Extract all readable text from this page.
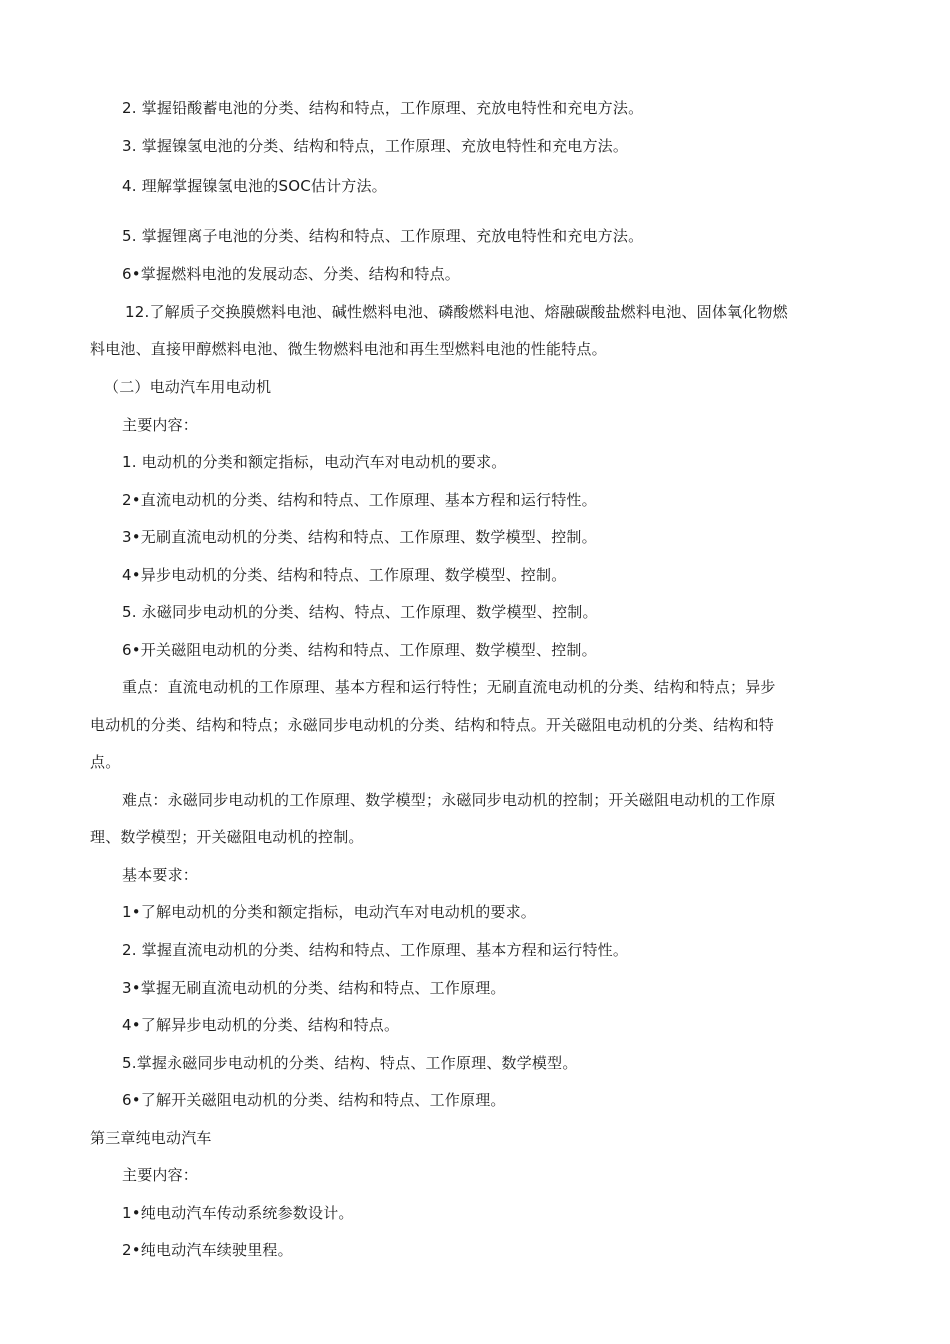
2. 掌握铅酸蓄电池的分类、结构和特点，工作原理、充放电特性和充电方法。
3. 掌握镍氢电池的分类、结构和特点，工作原理、充放电特性和充电方法。
4. 理解掌握镍氢电池的SOC估计方法。
5. 掌握锂离子电池的分类、结构和特点、工作原理、充放电特性和充电方法。
6•掌握燃料电池的发展动态、分类、结构和特点。
12.了解质子交换膜燃料电池、碱性燃料电池、磷酸燃料电池、熔融碳酸盐燃料电池、固体氧化物燃
料电池、直接甲醇燃料电池、微生物燃料电池和再生型燃料电池的性能特点。
（二）电动汽车用电动机
主要内容：
1. 电动机的分类和额定指标，电动汽车对电动机的要求。
2•直流电动机的分类、结构和特点、工作原理、基本方程和运行特性。
3•无刷直流电动机的分类、结构和特点、工作原理、数学模型、控制。
4•异步电动机的分类、结构和特点、工作原理、数学模型、控制。
5. 永磁同步电动机的分类、结构、特点、工作原理、数学模型、控制。
6•开关磁阻电动机的分类、结构和特点、工作原理、数学模型、控制。
重点：直流电动机的工作原理、基本方程和运行特性；无刷直流电动机的分类、结构和特点；异步
电动机的分类、结构和特点；永磁同步电动机的分类、结构和特点。开关磁阻电动机的分类、结构和特
点。
难点：永磁同步电动机的工作原理、数学模型；永磁同步电动机的控制；开关磁阻电动机的工作原
理、数学模型；开关磁阻电动机的控制。
基本要求：
1•了解电动机的分类和额定指标，电动汽车对电动机的要求。
2. 掌握直流电动机的分类、结构和特点、工作原理、基本方程和运行特性。
3•掌握无刷直流电动机的分类、结构和特点、工作原理。
4•了解异步电动机的分类、结构和特点。
5.掌握永磁同步电动机的分类、结构、特点、工作原理、数学模型。
6•了解开关磁阻电动机的分类、结构和特点、工作原理。
第三章纯电动汽车
主要内容：
1•纯电动汽车传动系统参数设计。
2•纯电动汽车续驶里程。
